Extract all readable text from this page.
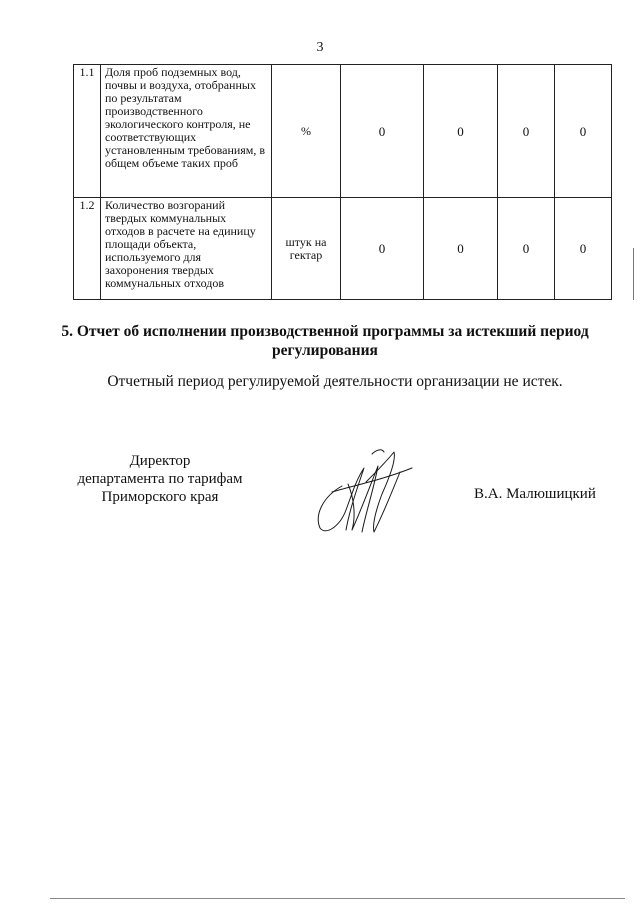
3
1.1	Доля проб подземных вод, почвы и воздуха, отобранных по результатам производственного экологического контроля, не соответствующих установленным требованиям, в общем объеме таких проб	%	0	0	0	0
1.2	Количество возгораний твердых коммунальных отходов в расчете на единицу площади объекта, используемого для захоронения твердых коммунальных отходов	штук на гектар	0	0	0	0
5. Отчет об исполнении производственной программы за истекший период регулирования
Отчетный период регулируемой деятельности организации не истек.
Директор
департамента по тарифам
Приморского края	В.А. Малюшицкий
